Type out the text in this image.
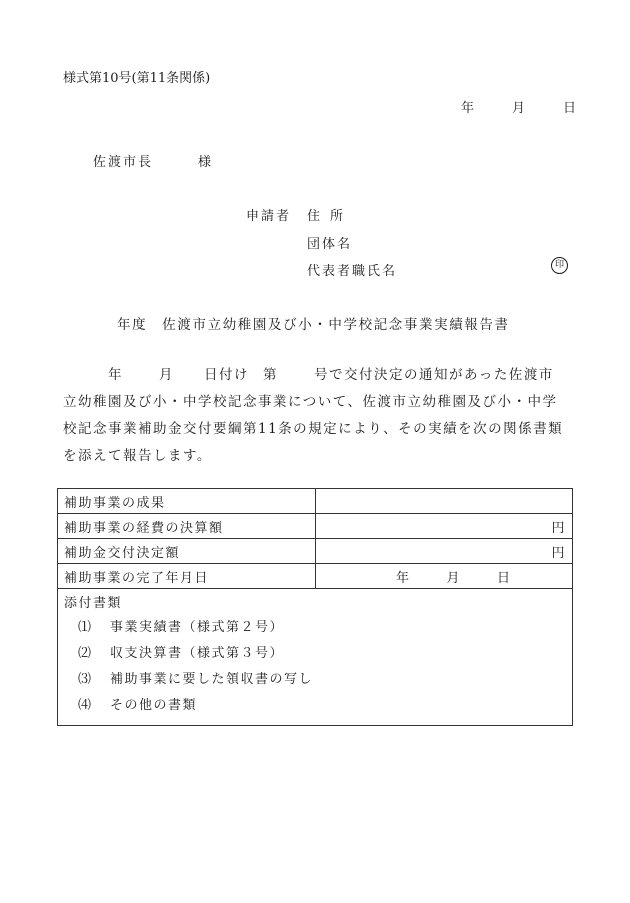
様式第10号(第11条関係)
年	月	日
佐渡市長　　　様
申請者 住所
団体名
代表者職氏名	印
年度　佐渡市立幼稚園及び小・中学校記念事業実績報告書
年	月 日付け 第	号で交付決定の通知があった佐渡市立幼稚園及び小・中学校記念事業について、佐渡市立幼稚園及び小・中学校記念事業補助金交付要綱第11条の規定により、その実績を次の関係書類を添えて報告します。
補助事業の成果	
補助事業の経費の決算額	円
補助金交付決定額	円
補助事業の完了年月日	年 月 日

添付書類
⑴ 事業実績書（様式第２号）
⑵ 収支決算書（様式第３号）
⑶ 補助事業に要した領収書の写し
⑷ その他の書類	
